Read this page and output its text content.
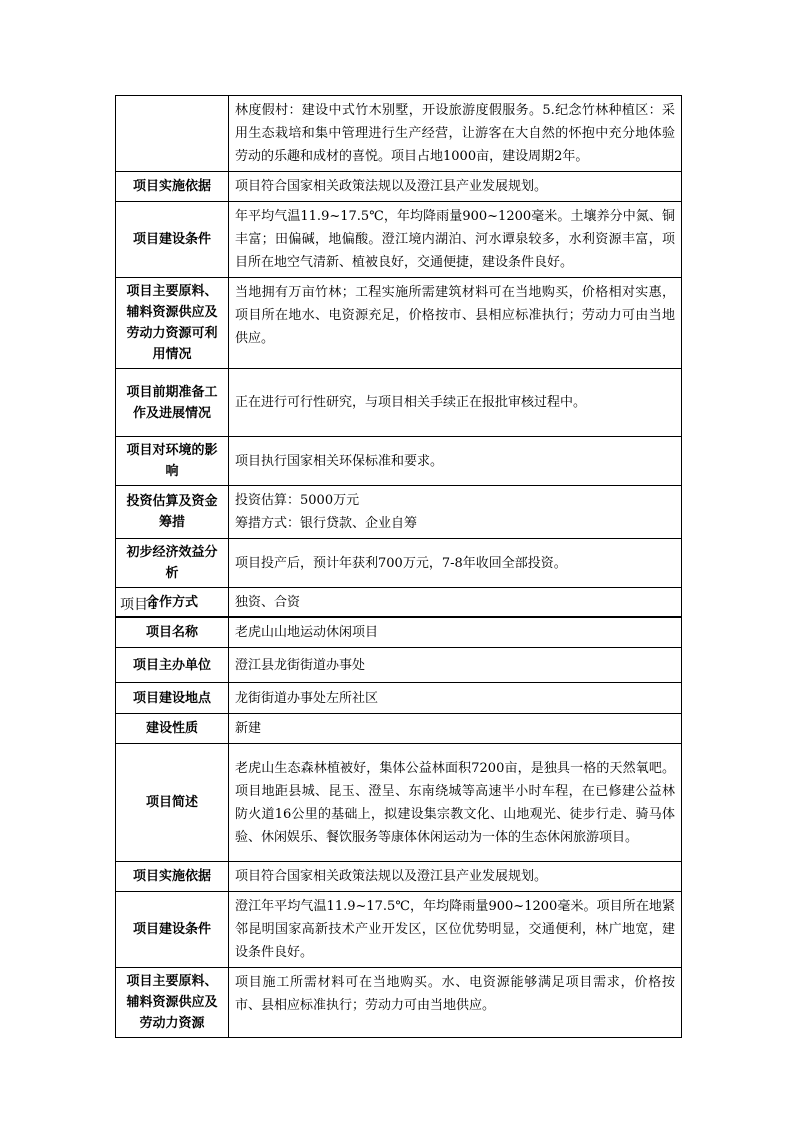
	林度假村：建设中式竹木别墅，开设旅游度假服务。5.纪念竹林种植区：采用生态栽培和集中管理进行生产经营，让游客在大自然的怀抱中充分地体验劳动的乐趣和成材的喜悦。项目占地1000亩，建设周期2年。
项目实施依据	项目符合国家相关政策法规以及澄江县产业发展规划。
项目建设条件	年平均气温11.9~17.5℃，年均降雨量900~1200毫米。土壤养分中氮、铜丰富；田偏碱，地偏酸。澄江境内湖泊、河水谭泉较多，水利资源丰富，项目所在地空气清新、植被良好，交通便捷，建设条件良好。
项目主要原料、辅料资源供应及劳动力资源可利用情况	当地拥有万亩竹林；工程实施所需建筑材料可在当地购买，价格相对实惠，项目所在地水、电资源充足，价格按市、县相应标准执行；劳动力可由当地供应。
项目前期准备工作及进展情况	正在进行可行性研究，与项目相关手续正在报批审核过程中。
项目对环境的影响	项目执行国家相关环保标准和要求。
投资估算及资金筹措	投资估算：5000万元
筹措方式：银行贷款、企业自筹

初步经济效益分析	项目投产后，预计年获利700万元，7-8年收回全部投资。
合作方式	独资、合资
项目4
项目名称	老虎山山地运动休闲项目
项目主办单位	澄江县龙街街道办事处
项目建设地点	龙街街道办事处左所社区
建设性质	新建
项目简述	老虎山生态森林植被好，集体公益林面积7200亩，是独具一格的天然氧吧。项目地距县城、昆玉、澄呈、东南绕城等高速半小时车程，在已修建公益林防火道16公里的基础上，拟建设集宗教文化、山地观光、徒步行走、骑马体验、休闲娱乐、餐饮服务等康体休闲运动为一体的生态休闲旅游项目。
项目实施依据	项目符合国家相关政策法规以及澄江县产业发展规划。
项目建设条件	澄江年平均气温11.9~17.5℃，年均降雨量900~1200毫米。项目所在地紧邻昆明国家高新技术产业开发区，区位优势明显，交通便利，林广地宽，建设条件良好。
项目主要原料、辅料资源供应及劳动力资源	项目施工所需材料可在当地购买。水、电资源能够满足项目需求，价格按市、县相应标准执行；劳动力可由当地供应。
